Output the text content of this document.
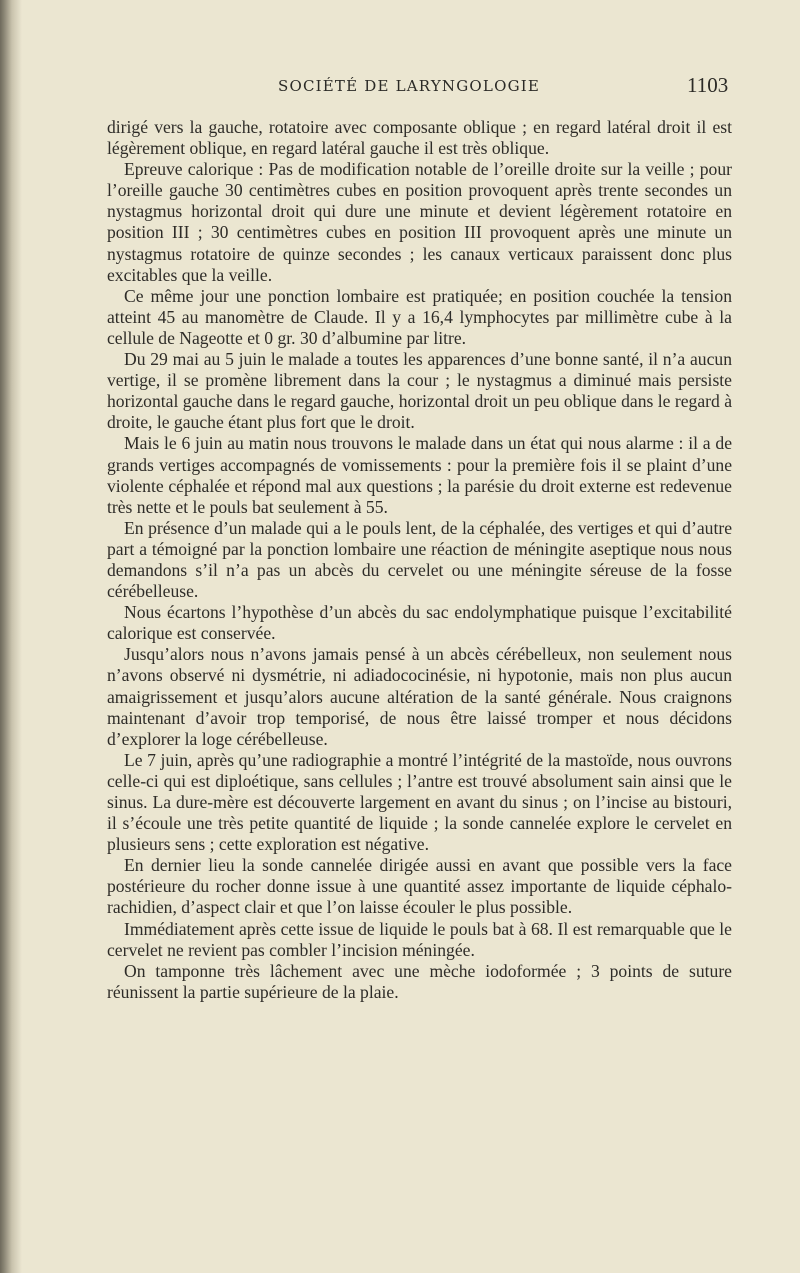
SOCIÉTÉ DE LARYNGOLOGIE	1103

dirigé vers la gauche, rotatoire avec composante oblique ; en regard latéral droit il est légèrement oblique, en regard latéral gauche il est très oblique.

Epreuve calorique : Pas de modification notable de l’oreille droite sur la veille ; pour l’oreille gauche 30 centimètres cubes en position provoquent après trente secondes un nystagmus horizontal droit qui dure une minute et devient légèrement rotatoire en position III ; 30 centimètres cubes en position III provoquent après une minute un nystagmus rotatoire de quinze secondes ; les canaux verticaux paraissent donc plus excitables que la veille.

Ce même jour une ponction lombaire est pratiquée; en position couchée la tension atteint 45 au manomètre de Claude. Il y a 16,4 lymphocytes par millimètre cube à la cellule de Nageotte et 0 gr. 30 d’albumine par litre.

Du 29 mai au 5 juin le malade a toutes les apparences d’une bonne santé, il n’a aucun vertige, il se promène librement dans la cour ; le nystagmus a diminué mais persiste horizontal gauche dans le regard gauche, horizontal droit un peu oblique dans le regard à droite, le gauche étant plus fort que le droit.

Mais le 6 juin au matin nous trouvons le malade dans un état qui nous alarme : il a de grands vertiges accompagnés de vomissements : pour la première fois il se plaint d’une violente céphalée et répond mal aux questions ; la parésie du droit externe est redevenue très nette et le pouls bat seulement à 55.

En présence d’un malade qui a le pouls lent, de la céphalée, des vertiges et qui d’autre part a témoigné par la ponction lombaire une réaction de méningite aseptique nous nous demandons s’il n’a pas un abcès du cervelet ou une méningite séreuse de la fosse cérébelleuse.

Nous écartons l’hypothèse d’un abcès du sac endolymphatique puisque l’excitabilité calorique est conservée.

Jusqu’alors nous n’avons jamais pensé à un abcès cérébelleux, non seulement nous n’avons observé ni dysmétrie, ni adiadococinésie, ni hypotonie, mais non plus aucun amaigrissement et jusqu’alors aucune altération de la santé générale. Nous craignons maintenant d’avoir trop temporisé, de nous être laissé tromper et nous décidons d’explorer la loge cérébelleuse.

Le 7 juin, après qu’une radiographie a montré l’intégrité de la mastoïde, nous ouvrons celle-ci qui est diploétique, sans cellules ; l’antre est trouvé absolument sain ainsi que le sinus. La dure-mère est découverte largement en avant du sinus ; on l’incise au bistouri, il s’écoule une très petite quantité de liquide ; la sonde cannelée explore le cervelet en plusieurs sens ; cette exploration est négative.

En dernier lieu la sonde cannelée dirigée aussi en avant que possible vers la face postérieure du rocher donne issue à une quantité assez importante de liquide céphalo-rachidien, d’aspect clair et que l’on laisse écouler le plus possible.

Immédiatement après cette issue de liquide le pouls bat à 68. Il est remarquable que le cervelet ne revient pas combler l’incision méningée.

On tamponne très lâchement avec une mèche iodoformée ; 3 points de suture réunissent la partie supérieure de la plaie.
